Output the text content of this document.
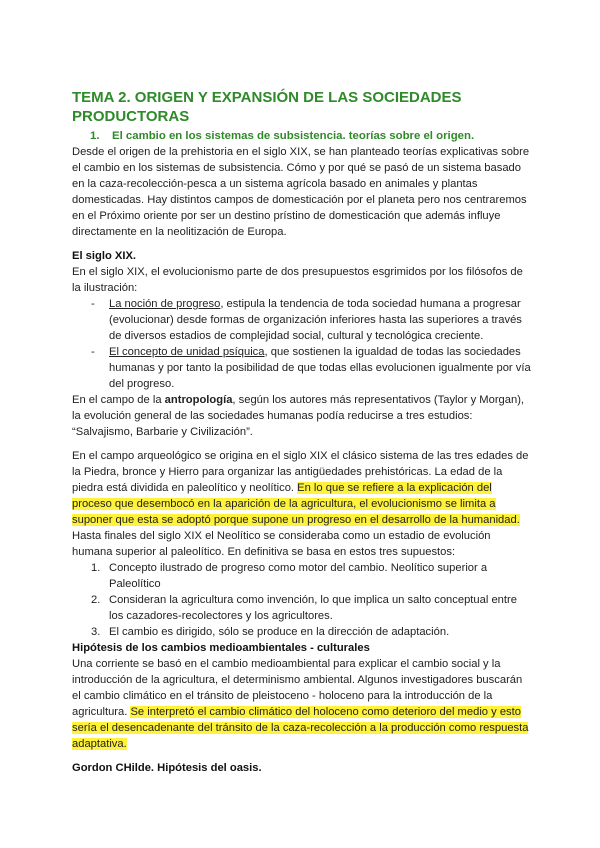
TEMA 2. ORIGEN Y EXPANSIÓN DE LAS SOCIEDADES PRODUCTORAS
1. El cambio en los sistemas de subsistencia. teorías sobre el origen.

Desde el origen de la prehistoria en el siglo XIX, se han planteado teorías explicativas sobre el cambio en los sistemas de subsistencia. Cómo y por qué se pasó de un sistema basado en la caza-recolección-pesca a un sistema agrícola basado en animales y plantas domesticadas. Hay distintos campos de domesticación por el planeta pero nos centraremos en el Próximo oriente por ser un destino prístino de domesticación que además influye directamente en la neolitización de Europa.

El siglo XIX.
En el siglo XIX, el evolucionismo parte de dos presupuestos esgrimidos por los filósofos de la ilustración:
- La noción de progreso, estipula la tendencia de toda sociedad humana a progresar (evolucionar) desde formas de organización inferiores hasta las superiores a través de diversos estadios de complejidad social, cultural y tecnológica creciente.
- El concepto de unidad psíquica, que sostienen la igualdad de todas las sociedades humanas y por tanto la posibilidad de que todas ellas evolucionen igualmente por vía del progreso.

En el campo de la antropología, según los autores más representativos (Taylor y Morgan), la evolución general de las sociedades humanas podía reducirse a tres estudios: “Salvajismo, Barbarie y Civilización”.

En el campo arqueológico se origina en el siglo XIX el clásico sistema de las tres edades de la Piedra, bronce y Hierro para organizar las antigüedades prehistóricas. La edad de la piedra está dividida en paleolítico y neolítico. En lo que se refiere a la explicación del proceso que desembocó en la aparición de la agricultura, el evolucionismo se limita a suponer que esta se adoptó porque supone un progreso en el desarrollo de la humanidad. Hasta finales del siglo XIX el Neolítico se consideraba como un estadio de evolución humana superior al paleolítico. En definitiva se basa en estos tres supuestos:
1. Concepto ilustrado de progreso como motor del cambio. Neolítico superior a Paleolítico
2. Consideran la agricultura como invención, lo que implica un salto conceptual entre los cazadores-recolectores y los agricultores.
3. El cambio es dirigido, sólo se produce en la dirección de adaptación.
Hipótesis de los cambios medioambientales - culturales
Una corriente se basó en el cambio medioambiental para explicar el cambio social y la introducción de la agricultura, el determinismo ambiental. Algunos investigadores buscarán el cambio climático en el tránsito de pleistoceno - holoceno para la introducción de la agricultura. Se interpretó el cambio climático del holoceno como deterioro del medio y esto sería el desencadenante del tránsito de la caza-recolección a la producción como respuesta adaptativa.
Gordon CHilde. Hipótesis del oasis.
